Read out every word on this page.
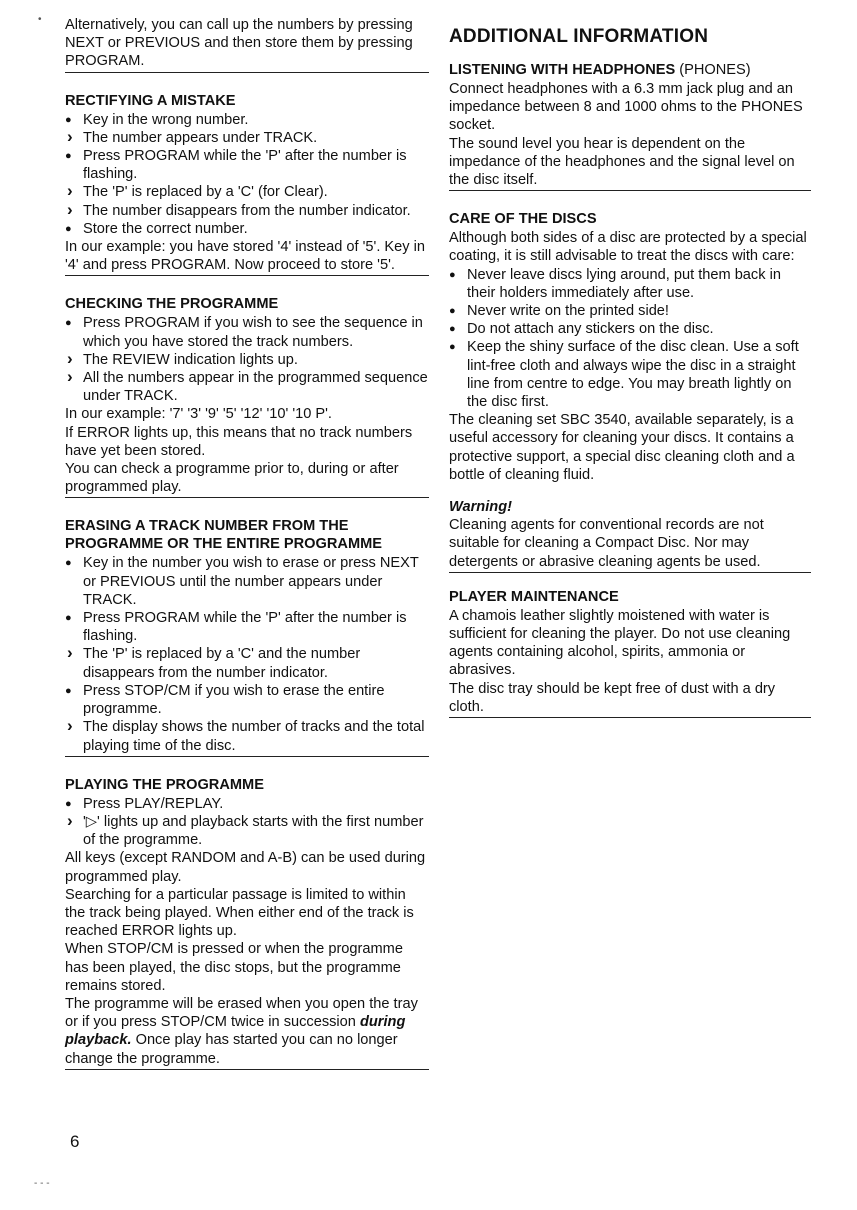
Alternatively, you can call up the numbers by pressing NEXT or PREVIOUS and then store them by pressing PROGRAM.

RECTIFYING A MISTAKE
● Key in the wrong number.
› The number appears under TRACK.
● Press PROGRAM while the 'P' after the number is flashing.
› The 'P' is replaced by a 'C' (for Clear).
› The number disappears from the number indicator.
● Store the correct number.

In our example: you have stored '4' instead of '5'. Key in '4' and press PROGRAM. Now proceed to store '5'.

CHECKING THE PROGRAMME
● Press PROGRAM if you wish to see the sequence in which you have stored the track numbers.
› The REVIEW indication lights up.
› All the numbers appear in the programmed sequence under TRACK.

In our example: '7' '3' '9' '5' '12' '10' '10 P'.

If ERROR lights up, this means that no track numbers have yet been stored.

You can check a programme prior to, during or after programmed play.

ERASING A TRACK NUMBER FROM THE PROGRAMME OR THE ENTIRE PROGRAMME
● Key in the number you wish to erase or press NEXT or PREVIOUS until the number appears under TRACK.
● Press PROGRAM while the 'P' after the number is flashing.
› The 'P' is replaced by a 'C' and the number disappears from the number indicator.
● Press STOP/CM if you wish to erase the entire programme.
› The display shows the number of tracks and the total playing time of the disc.
PLAYING THE PROGRAMME
● Press PLAY/REPLAY.
› '▷' lights up and playback starts with the first number of the programme.

All keys (except RANDOM and A-B) can be used during programmed play.

Searching for a particular passage is limited to within the track being played. When either end of the track is reached ERROR lights up.

When STOP/CM is pressed or when the programme has been played, the disc stops, but the programme remains stored.

The programme will be erased when you open the tray or if you press STOP/CM twice in succession during playback. Once play has started you can no longer change the programme.

ADDITIONAL INFORMATION
LISTENING WITH HEADPHONES (PHONES)

Connect headphones with a 6.3 mm jack plug and an impedance between 8 and 1000 ohms to the PHONES socket.

The sound level you hear is dependent on the impedance of the headphones and the signal level on the disc itself.

CARE OF THE DISCS

Although both sides of a disc are protected by a special coating, it is still advisable to treat the discs with care:

● Never leave discs lying around, put them back in their holders immediately after use.
● Never write on the printed side!
● Do not attach any stickers on the disc.
● Keep the shiny surface of the disc clean. Use a soft lint-free cloth and always wipe the disc in a straight line from centre to edge. You may breath lightly on the disc first.

The cleaning set SBC 3540, available separately, is a useful accessory for cleaning your discs. It contains a protective support, a special disc cleaning cloth and a bottle of cleaning fluid.

Warning!

Cleaning agents for conventional records are not suitable for cleaning a Compact Disc. Nor may detergents or abrasive cleaning agents be used.

PLAYER MAINTENANCE

A chamois leather slightly moistened with water is sufficient for cleaning the player. Do not use cleaning agents containing alcohol, spirits, ammonia or abrasives.

The disc tray should be kept free of dust with a dry cloth.

6
•
- - -
